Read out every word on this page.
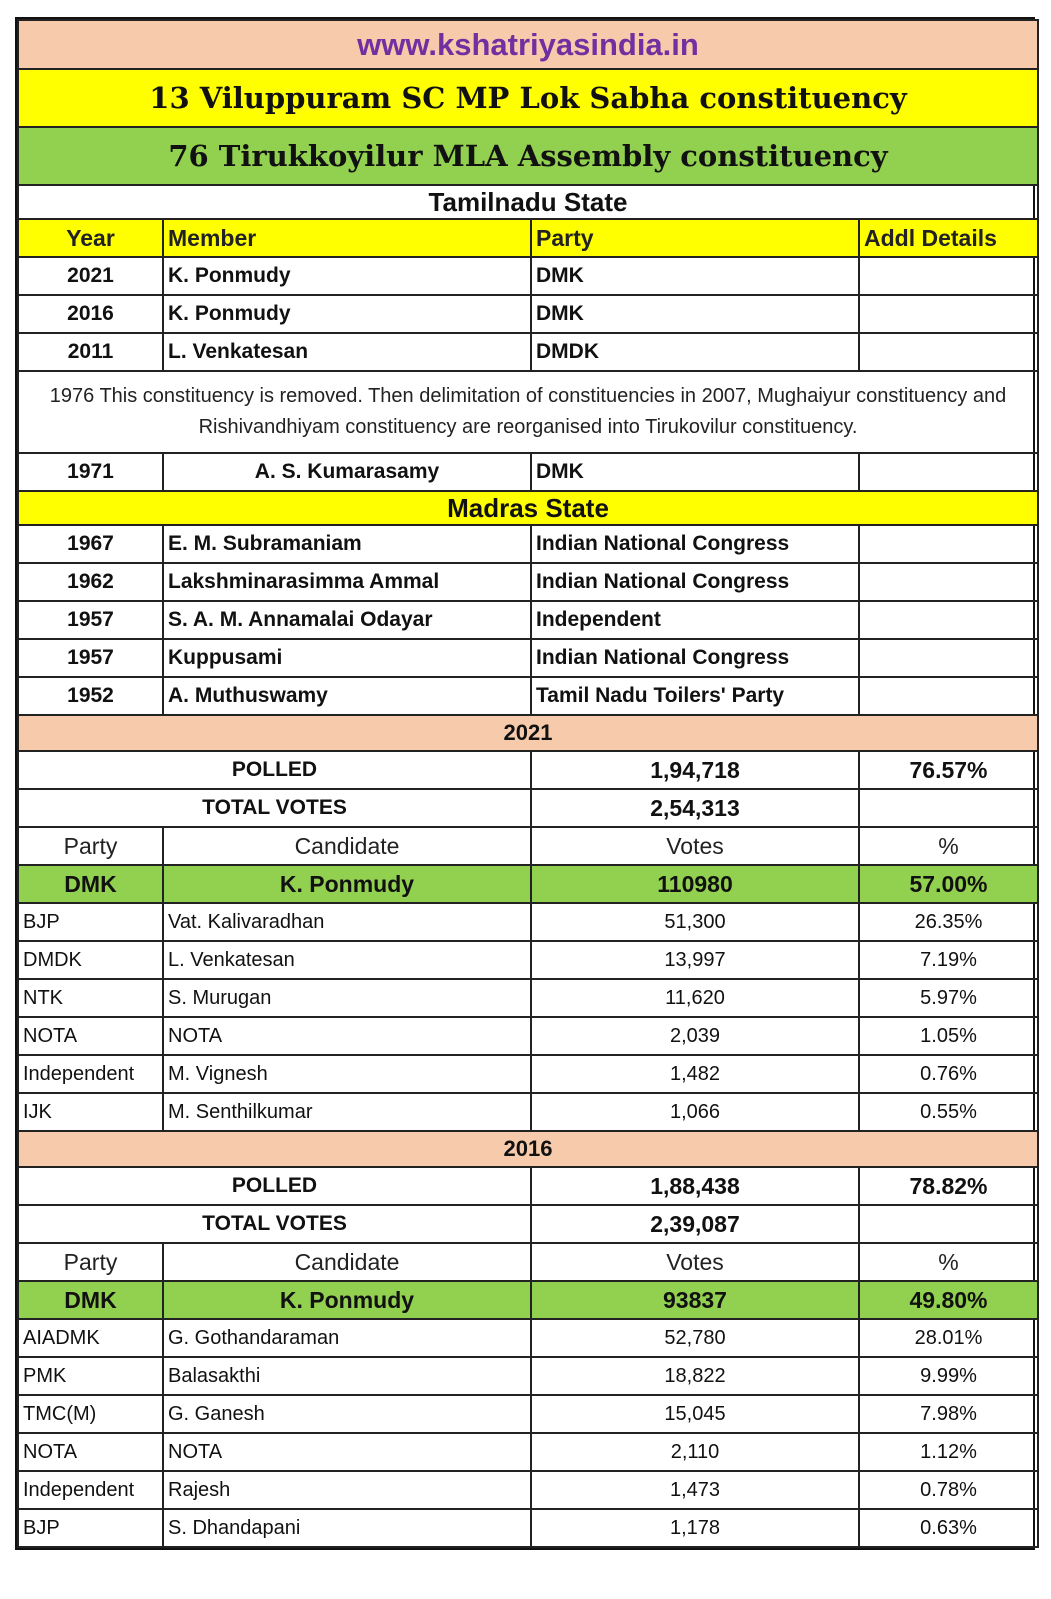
www.kshatriyasindia.in			
13 Viluppuram SC MP Lok Sabha constituency			
76 Tirukkoyilur MLA Assembly constituency			
Tamilnadu State			
Year	Member	Party	Addl Details
2021	K. Ponmudy	DMK	
2016	K. Ponmudy	DMK	
2011	L. Venkatesan	DMDK	
1976 This constituency is removed. Then delimitation of constituencies in 2007, Mughaiyur constituency and Rishivandhiyam constituency are reorganised into Tirukovilur constituency.			
1971	A. S. Kumarasamy	DMK	
Madras State			
1967	E. M. Subramaniam	Indian National Congress	
1962	Lakshminarasimma Ammal	Indian National Congress	
1957	S. A. M. Annamalai Odayar	Independent	
1957	Kuppusami	Indian National Congress	
1952	A. Muthuswamy	Tamil Nadu Toilers' Party	
2021			
POLLED		1,94,718	76.57%
TOTAL VOTES		2,54,313	
Party	Candidate	Votes	%
DMK	K. Ponmudy	110980	57.00%
BJP	Vat. Kalivaradhan	51,300	26.35%
DMDK	L. Venkatesan	13,997	7.19%
NTK	S. Murugan	11,620	5.97%
NOTA	NOTA	2,039	1.05%
Independent	M. Vignesh	1,482	0.76%
IJK	M. Senthilkumar	1,066	0.55%
2016			
POLLED		1,88,438	78.82%
TOTAL VOTES		2,39,087	
Party	Candidate	Votes	%
DMK	K. Ponmudy	93837	49.80%
AIADMK	G. Gothandaraman	52,780	28.01%
PMK	Balasakthi	18,822	9.99%
TMC(M)	G. Ganesh	15,045	7.98%
NOTA	NOTA	2,110	1.12%
Independent	Rajesh	1,473	0.78%
BJP	S. Dhandapani	1,178	0.63%
